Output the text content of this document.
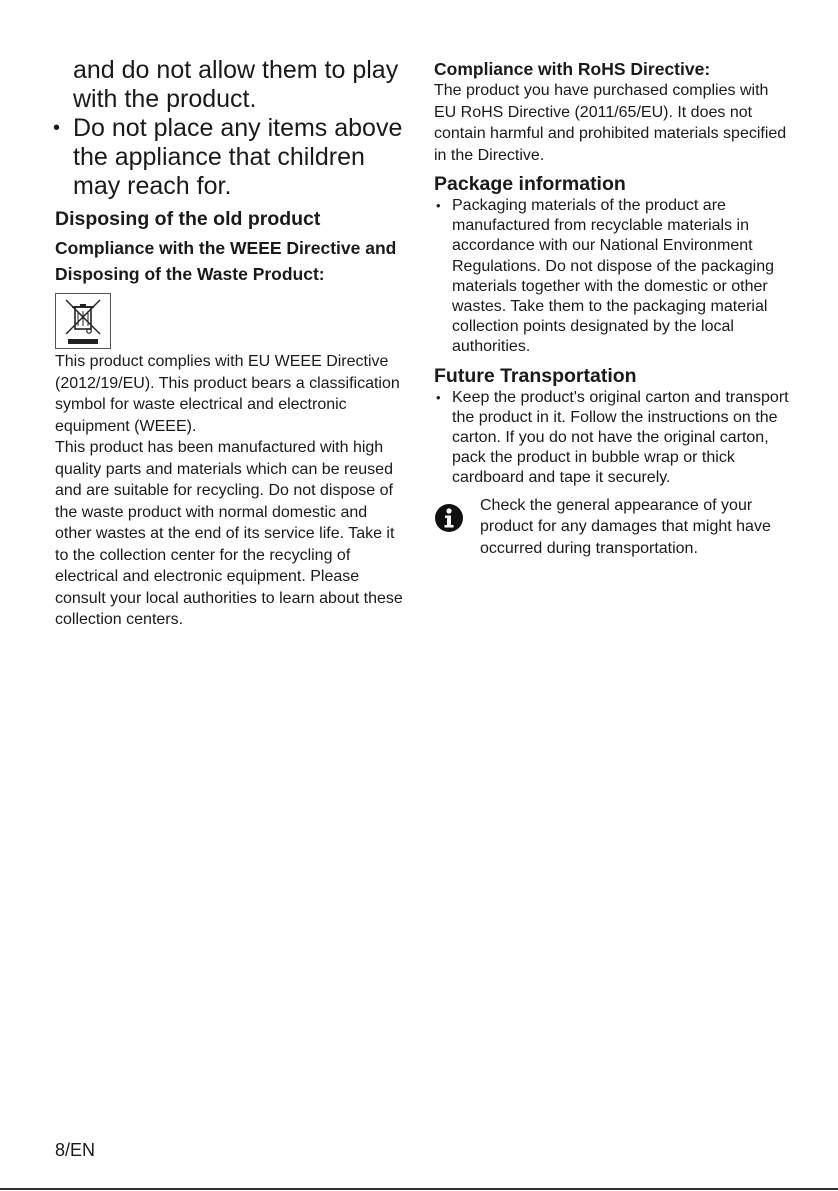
and do not allow them to play with the product.
• Do not place any items above the appliance that children may reach for.
Disposing of the old product
Compliance with the WEEE Directive and Disposing of the Waste Product:

This product complies with EU WEEE Directive (2012/19/EU). This product bears a classification symbol for waste electrical and electronic equipment (WEEE).

This product has been manufactured with high quality parts and materials which can be reused and are suitable for recycling. Do not dispose of the waste product with normal domestic and other wastes at the end of its service life. Take it to the collection center for the recycling of electrical and electronic equipment. Please consult your local authorities to learn about these collection centers.

Compliance with RoHS Directive:

The product you have purchased complies with EU RoHS Directive (2011/65/EU). It does not contain harmful and prohibited materials specified in the Directive.

Package information
• Packaging materials of the product are manufactured from recyclable materials in accordance with our National Environment Regulations. Do not dispose of the packaging materials together with the domestic or other wastes. Take them to the packaging material collection points designated by the local authorities.
Future Transportation
• Keep the product's original carton and transport the product in it. Follow the instructions on the carton. If you do not have the original carton, pack the product in bubble wrap or thick cardboard and tape it securely.
Check the general appearance of your product for any damages that might have occurred during transportation.
8/EN
